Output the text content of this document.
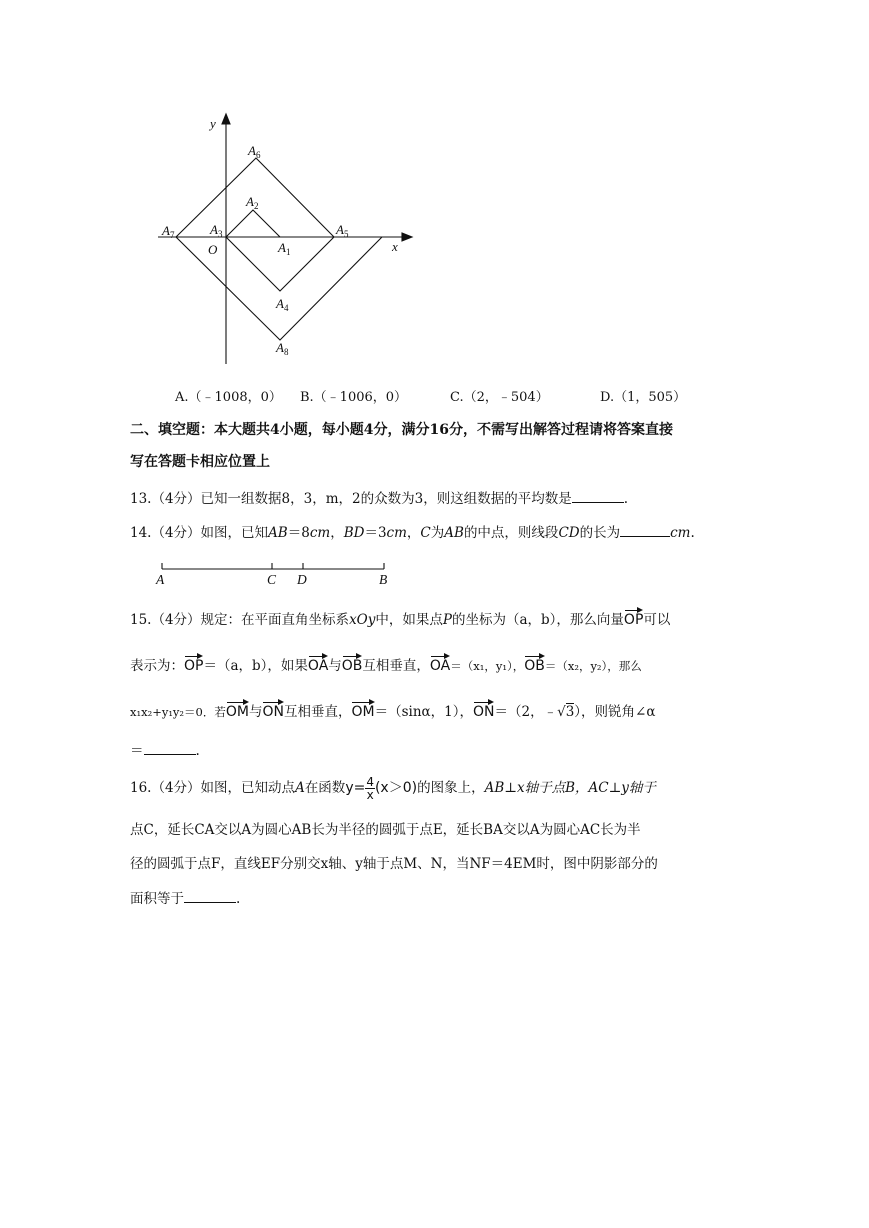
y
x
O	$A_1$
$A_2$
$A_3$
$A_4$
$A_5$
$A_6$
$A_7$
$A_8$
A.（﹣1008，0） B.（﹣1006，0）	C.（2，﹣504）	D.（1，505）
二、填空题：本大题共4小题，每小题4分，满分16分，不需写出解答过程请将答案直接
写在答题卡相应位置上
13.（4分）已知一组数据8，3，m，2的众数为3，则这组数据的平均数是	.
14.（4分）如图，已知AB＝8cm，BD＝3cm，C为AB的中点，则线段CD的长为	cm.
A	C D	B
15.（4分）规定：在平面直角坐标系xOy中，如果点P的坐标为（a，b），那么向量OP可以
表示为：OP＝（a，b），如果OA与OB互相垂直，OA＝（x₁，y₁），OB＝（x₂，y₂），那么
x₁x₂+y₁y₂＝0．若OM与ON互相垂直，OM＝（sinα，1），ON＝（2，﹣√3），则锐角∠α
＝	.
16.（4分）如图，已知动点A在函数$y= \frac{4}{x} (x>0)$的图象上，AB⊥x轴于点B，AC⊥y轴于
点C，延长CA交以A为圆心AB长为半径的圆弧于点E，延长BA交以A为圆心AC长为半
径的圆弧于点F，直线EF分别交x轴、y轴于点M、N，当NF＝4EM时，图中阴影部分的
面积等于	.
